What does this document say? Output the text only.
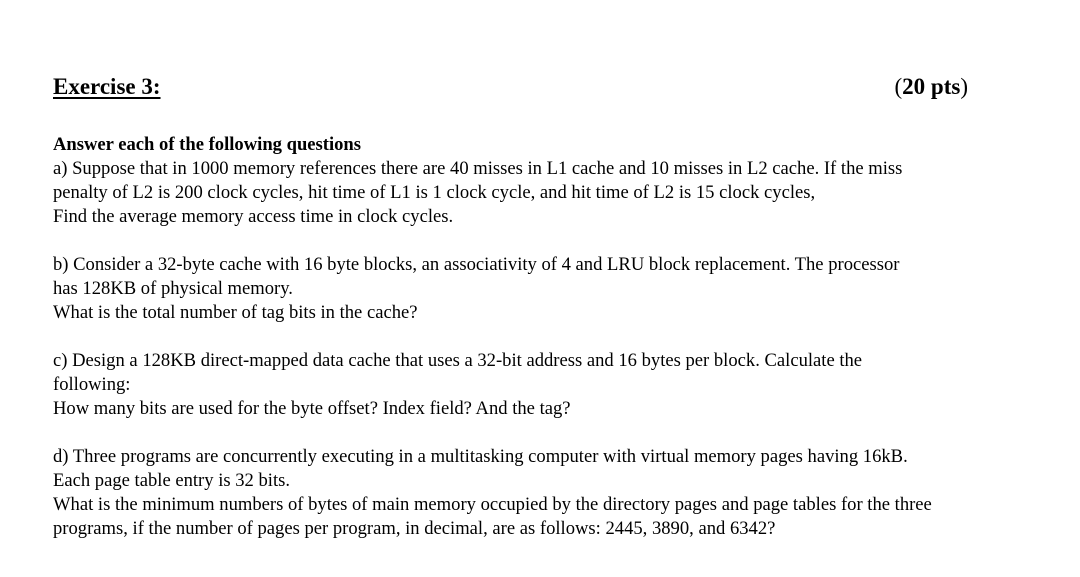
Exercise 3:	(20 pts)
Answer each of the following questions
a) Suppose that in 1000 memory references there are 40 misses in L1 cache and 10 misses in L2 cache. If the miss
penalty of L2 is 200 clock cycles, hit time of L1 is 1 clock cycle, and hit time of L2 is 15 clock cycles,
Find the average memory access time in clock cycles.
b) Consider a 32-byte cache with 16 byte blocks, an associativity of 4 and LRU block replacement. The processor
has 128KB of physical memory.
What is the total number of tag bits in the cache?
c) Design a 128KB direct-mapped data cache that uses a 32-bit address and 16 bytes per block. Calculate the
following:
How many bits are used for the byte offset? Index field? And the tag?
d) Three programs are concurrently executing in a multitasking computer with virtual memory pages having 16kB.
Each page table entry is 32 bits.
What is the minimum numbers of bytes of main memory occupied by the directory pages and page tables for the three
programs, if the number of pages per program, in decimal, are as follows: 2445, 3890, and 6342?
